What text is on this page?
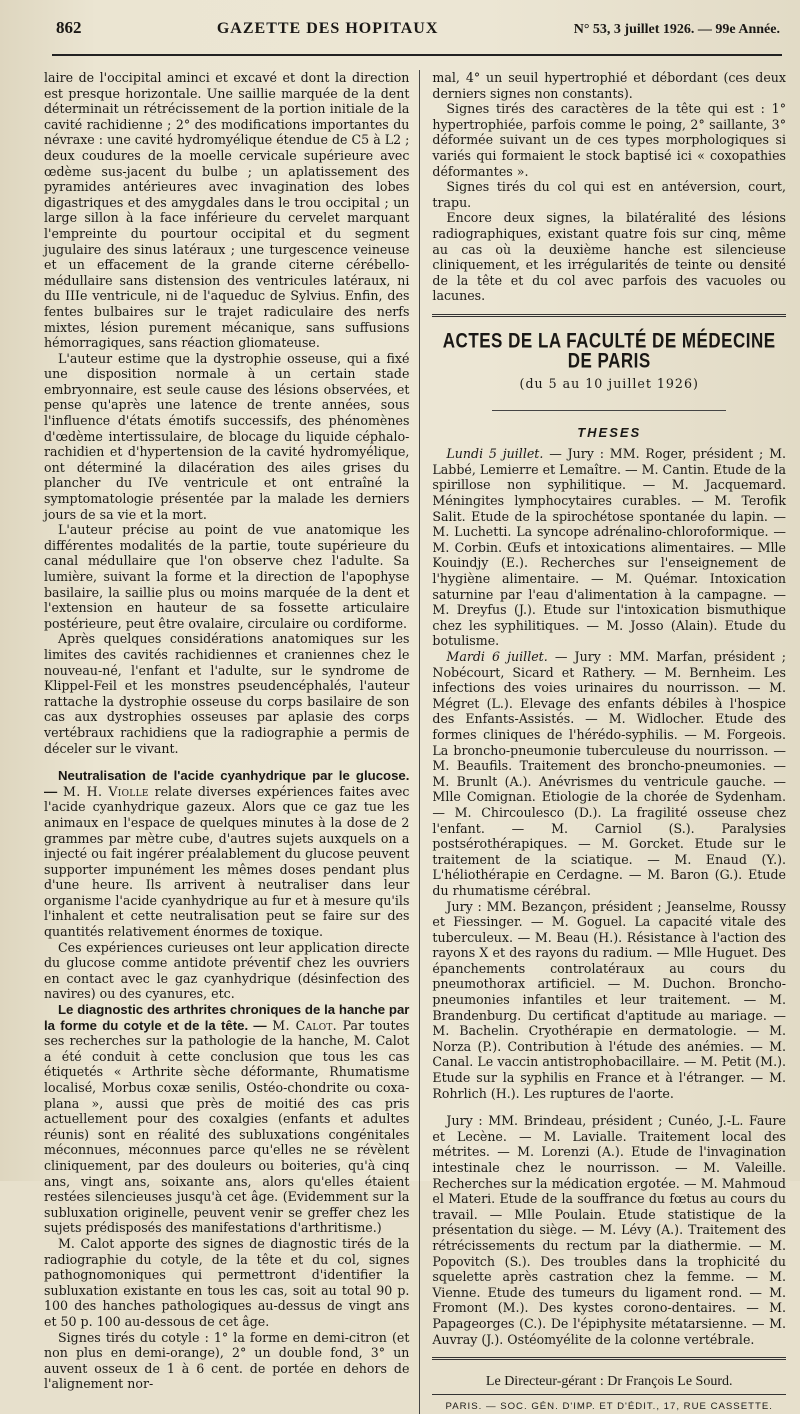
862	GAZETTE DES HOPITAUX	N° 53, 3 juillet 1926. — 99e Année.

laire de l'occipital aminci et excavé et dont la direction est presque horizontale. Une saillie marquée de la dent déterminait un rétrécissement de la portion initiale de la cavité rachidienne ; 2° des modifications importantes du névraxe : une cavité hydromyélique étendue de C5 à L2 ; deux coudures de la moelle cervicale supérieure avec œdème sus-jacent du bulbe ; un aplatissement des pyramides antérieures avec invagination des lobes digastriques et des amygdales dans le trou occipital ; un large sillon à la face inférieure du cervelet marquant l'empreinte du pourtour occipital et du segment jugulaire des sinus latéraux ; une turgescence veineuse et un effacement de la grande citerne cérébello-médullaire sans distension des ventricules latéraux, ni du IIIe ventricule, ni de l'aqueduc de Sylvius. Enfin, des fentes bulbaires sur le trajet radiculaire des nerfs mixtes, lésion purement mécanique, sans suffusions hémorragiques, sans réaction gliomateuse.

L'auteur estime que la dystrophie osseuse, qui a fixé une disposition normale à un certain stade embryonnaire, est seule cause des lésions observées, et pense qu'après une latence de trente années, sous l'influence d'états émotifs successifs, des phénomènes d'œdème intertissulaire, de blocage du liquide céphalo-rachidien et d'hypertension de la cavité hydromyélique, ont déterminé la dilacération des ailes grises du plancher du IVe ventricule et ont entraîné la symptomatologie présentée par la malade les derniers jours de sa vie et la mort.

L'auteur précise au point de vue anatomique les différentes modalités de la partie, toute supérieure du canal médullaire que l'on observe chez l'adulte. Sa lumière, suivant la forme et la direction de l'apophyse basilaire, la saillie plus ou moins marquée de la dent et l'extension en hauteur de sa fossette articulaire postérieure, peut être ovalaire, circulaire ou cordiforme.

Après quelques considérations anatomiques sur les limites des cavités rachidiennes et craniennes chez le nouveau-né, l'enfant et l'adulte, sur le syndrome de Klippel-Feil et les monstres pseudencéphalés, l'auteur rattache la dystrophie osseuse du corps basilaire de son cas aux dystrophies osseuses par aplasie des corps vertébraux rachidiens que la radiographie a permis de déceler sur le vivant.

Neutralisation de l'acide cyanhydrique par le glucose. — M. H. Violle relate diverses expériences faites avec l'acide cyanhydrique gazeux. Alors que ce gaz tue les animaux en l'espace de quelques minutes à la dose de 2 grammes par mètre cube, d'autres sujets auxquels on a injecté ou fait ingérer préalablement du glucose peuvent supporter impunément les mêmes doses pendant plus d'une heure. Ils arrivent à neutraliser dans leur organisme l'acide cyanhydrique au fur et à mesure qu'ils l'inhalent et cette neutralisation peut se faire sur des quantités relativement énormes de toxique.

Ces expériences curieuses ont leur application directe du glucose comme antidote préventif chez les ouvriers en contact avec le gaz cyanhydrique (désinfection des navires) ou des cyanures, etc.

Le diagnostic des arthrites chroniques de la hanche par la forme du cotyle et de la tête. — M. Calot. Par toutes ses recherches sur la pathologie de la hanche, M. Calot a été conduit à cette conclusion que tous les cas étiquetés « Arthrite sèche déformante, Rhumatisme localisé, Morbus coxæ senilis, Ostéo-chondrite ou coxa-plana », aussi que près de moitié des cas pris actuellement pour des coxalgies (enfants et adultes réunis) sont en réalité des subluxations congénitales méconnues, méconnues parce qu'elles ne se révèlent cliniquement, par des douleurs ou boiteries, qu'à cinq ans, vingt ans, soixante ans, alors qu'elles étaient restées silencieuses jusqu'à cet âge. (Evidemment sur la subluxation originelle, peuvent venir se greffer chez les sujets prédisposés des manifestations d'arthritisme.)

M. Calot apporte des signes de diagnostic tirés de la radiographie du cotyle, de la tête et du col, signes pathognomoniques qui permettront d'identifier la subluxation existante en tous les cas, soit au total 90 p. 100 des hanches pathologiques au-dessus de vingt ans et 50 p. 100 au-dessous de cet âge.

Signes tirés du cotyle : 1° la forme en demi-citron (et non plus en demi-orange), 2° un double fond, 3° un auvent osseux de 1 à 6 cent. de portée en dehors de l'alignement nor-

mal, 4° un seuil hypertrophié et débordant (ces deux derniers signes non constants).

Signes tirés des caractères de la tête qui est : 1° hypertrophiée, parfois comme le poing, 2° saillante, 3° déformée suivant un de ces types morphologiques si variés qui formaient le stock baptisé ici « coxopathies déformantes ».

Signes tirés du col qui est en antéversion, court, trapu.

Encore deux signes, la bilatéralité des lésions radiographiques, existant quatre fois sur cinq, même au cas où la deuxième hanche est silencieuse cliniquement, et les irrégularités de teinte ou densité de la tête et du col avec parfois des vacuoles ou lacunes.

ACTES DE LA FACULTÉ DE MÉDECINE DE PARIS
(du 5 au 10 juillet 1926)
THESES

Lundi 5 juillet. — Jury : MM. Roger, président ; M. Labbé, Lemierre et Lemaître. — M. Cantin. Etude de la spirillose non syphilitique. — M. Jacquemard. Méningites lymphocytaires curables. — M. Terofik Salit. Etude de la spirochétose spontanée du lapin. — M. Luchetti. La syncope adrénalino-chloroformique. — M. Corbin. Œufs et intoxications alimentaires. — Mlle Kouindjy (E.). Recherches sur l'enseignement de l'hygiène alimentaire. — M. Quémar. Intoxication saturnine par l'eau d'alimentation à la campagne. — M. Dreyfus (J.). Etude sur l'intoxication bismuthique chez les syphilitiques. — M. Josso (Alain). Etude du botulisme.

Mardi 6 juillet. — Jury : MM. Marfan, président ; Nobécourt, Sicard et Rathery. — M. Bernheim. Les infections des voies urinaires du nourrisson. — M. Mégret (L.). Elevage des enfants débiles à l'hospice des Enfants-Assistés. — M. Widlocher. Etude des formes cliniques de l'hérédo-syphilis. — M. Forgeois. La broncho-pneumonie tuberculeuse du nourrisson. — M. Beaufils. Traitement des broncho-pneumonies. — M. Brunlt (A.). Anévrismes du ventricule gauche. — Mlle Comignan. Etiologie de la chorée de Sydenham. — M. Chircoulesco (D.). La fragilité osseuse chez l'enfant. — M. Carniol (S.). Paralysies postsérothérapiques. — M. Gorcket. Etude sur le traitement de la sciatique. — M. Enaud (Y.). L'héliothérapie en Cerdagne. — M. Baron (G.). Etude du rhumatisme cérébral.

Jury : MM. Bezançon, président ; Jeanselme, Roussy et Fiessinger. — M. Goguel. La capacité vitale des tuberculeux. — M. Beau (H.). Résistance à l'action des rayons X et des rayons du radium. — Mlle Huguet. Des épanchements controlatéraux au cours du pneumothorax artificiel. — M. Duchon. Broncho-pneumonies infantiles et leur traitement. — M. Brandenburg. Du certificat d'aptitude au mariage. — M. Bachelin. Cryothérapie en dermatologie. — M. Norza (P.). Contribution à l'étude des anémies. — M. Canal. Le vaccin antistrophobacillaire. — M. Petit (M.). Etude sur la syphilis en France et à l'étranger. — M. Rohrlich (H.). Les ruptures de l'aorte.

Jury : MM. Brindeau, président ; Cunéo, J.-L. Faure et Lecène. — M. Lavialle. Traitement local des métrites. — M. Lorenzi (A.). Etude de l'invagination intestinale chez le nourrisson. — M. Valeille. Recherches sur la médication ergotée. — M. Mahmoud el Materi. Etude de la souffrance du fœtus au cours du travail. — Mlle Poulain. Etude statistique de la présentation du siège. — M. Lévy (A.). Traitement des rétrécissements du rectum par la diathermie. — M. Popovitch (S.). Des troubles dans la trophicité du squelette après castration chez la femme. — M. Vienne. Etude des tumeurs du ligament rond. — M. Fromont (M.). Des kystes corono-dentaires. — M. Papageorges (C.). De l'épiphysite métatarsienne. — M. Auvray (J.). Ostéomyélite de la colonne vertébrale.

Le Directeur-gérant : Dr François Le Sourd.
PARIS. — SOC. GÉN. D'IMP. ET D'ÉDIT., 17, RUE CASSETTE.
